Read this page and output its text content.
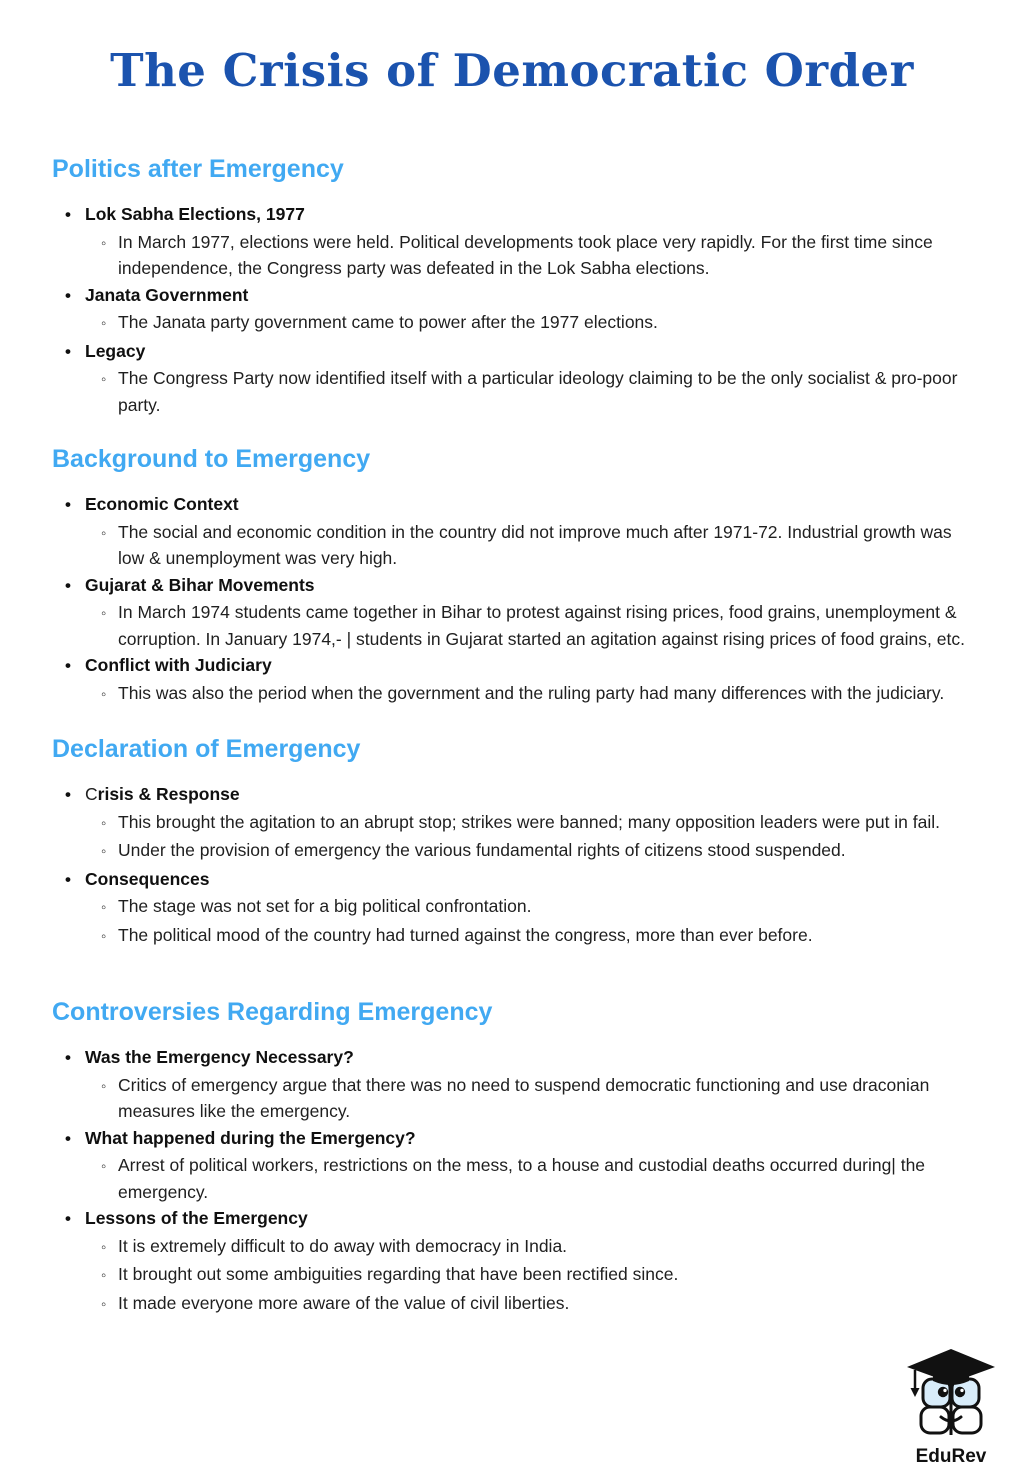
The Crisis of Democratic Order
Politics after Emergency
• Lok Sabha Elections, 1977
◦ In March 1977, elections were held. Political developments took place very rapidly. For the first time since independence, the Congress party was defeated in the Lok Sabha elections.
• Janata Government
◦ The Janata party government came to power after the 1977 elections.
• Legacy
◦ The Congress Party now identified itself with a particular ideology claiming to be the only socialist & pro-poor party.
Background to Emergency
• Economic Context
◦ The social and economic condition in the country did not improve much after 1971-72. Industrial growth was low & unemployment was very high.
• Gujarat & Bihar Movements
◦ In March 1974 students came together in Bihar to protest against rising prices, food grains, unemployment & corruption. In January 1974,- | students in Gujarat started an agitation against rising prices of food grains, etc.
• Conflict with Judiciary
◦ This was also the period when the government and the ruling party had many differences with the judiciary.
Declaration of Emergency
• Crisis & Response
◦ This brought the agitation to an abrupt stop; strikes were banned; many opposition leaders were put in fail.
◦ Under the provision of emergency the various fundamental rights of citizens stood suspended.
• Consequences
◦ The stage was not set for a big political confrontation.
◦ The political mood of the country had turned against the congress, more than ever before.
Controversies Regarding Emergency
• Was the Emergency Necessary?
◦ Critics of emergency argue that there was no need to suspend democratic functioning and use draconian measures like the emergency.
• What happened during the Emergency?
◦ Arrest of political workers, restrictions on the mess, to a house and custodial deaths occurred during| the emergency.
• Lessons of the Emergency
◦ It is extremely difficult to do away with democracy in India.
◦ It brought out some ambiguities regarding that have been rectified since.
◦ It made everyone more aware of the value of civil liberties.
EduRev
